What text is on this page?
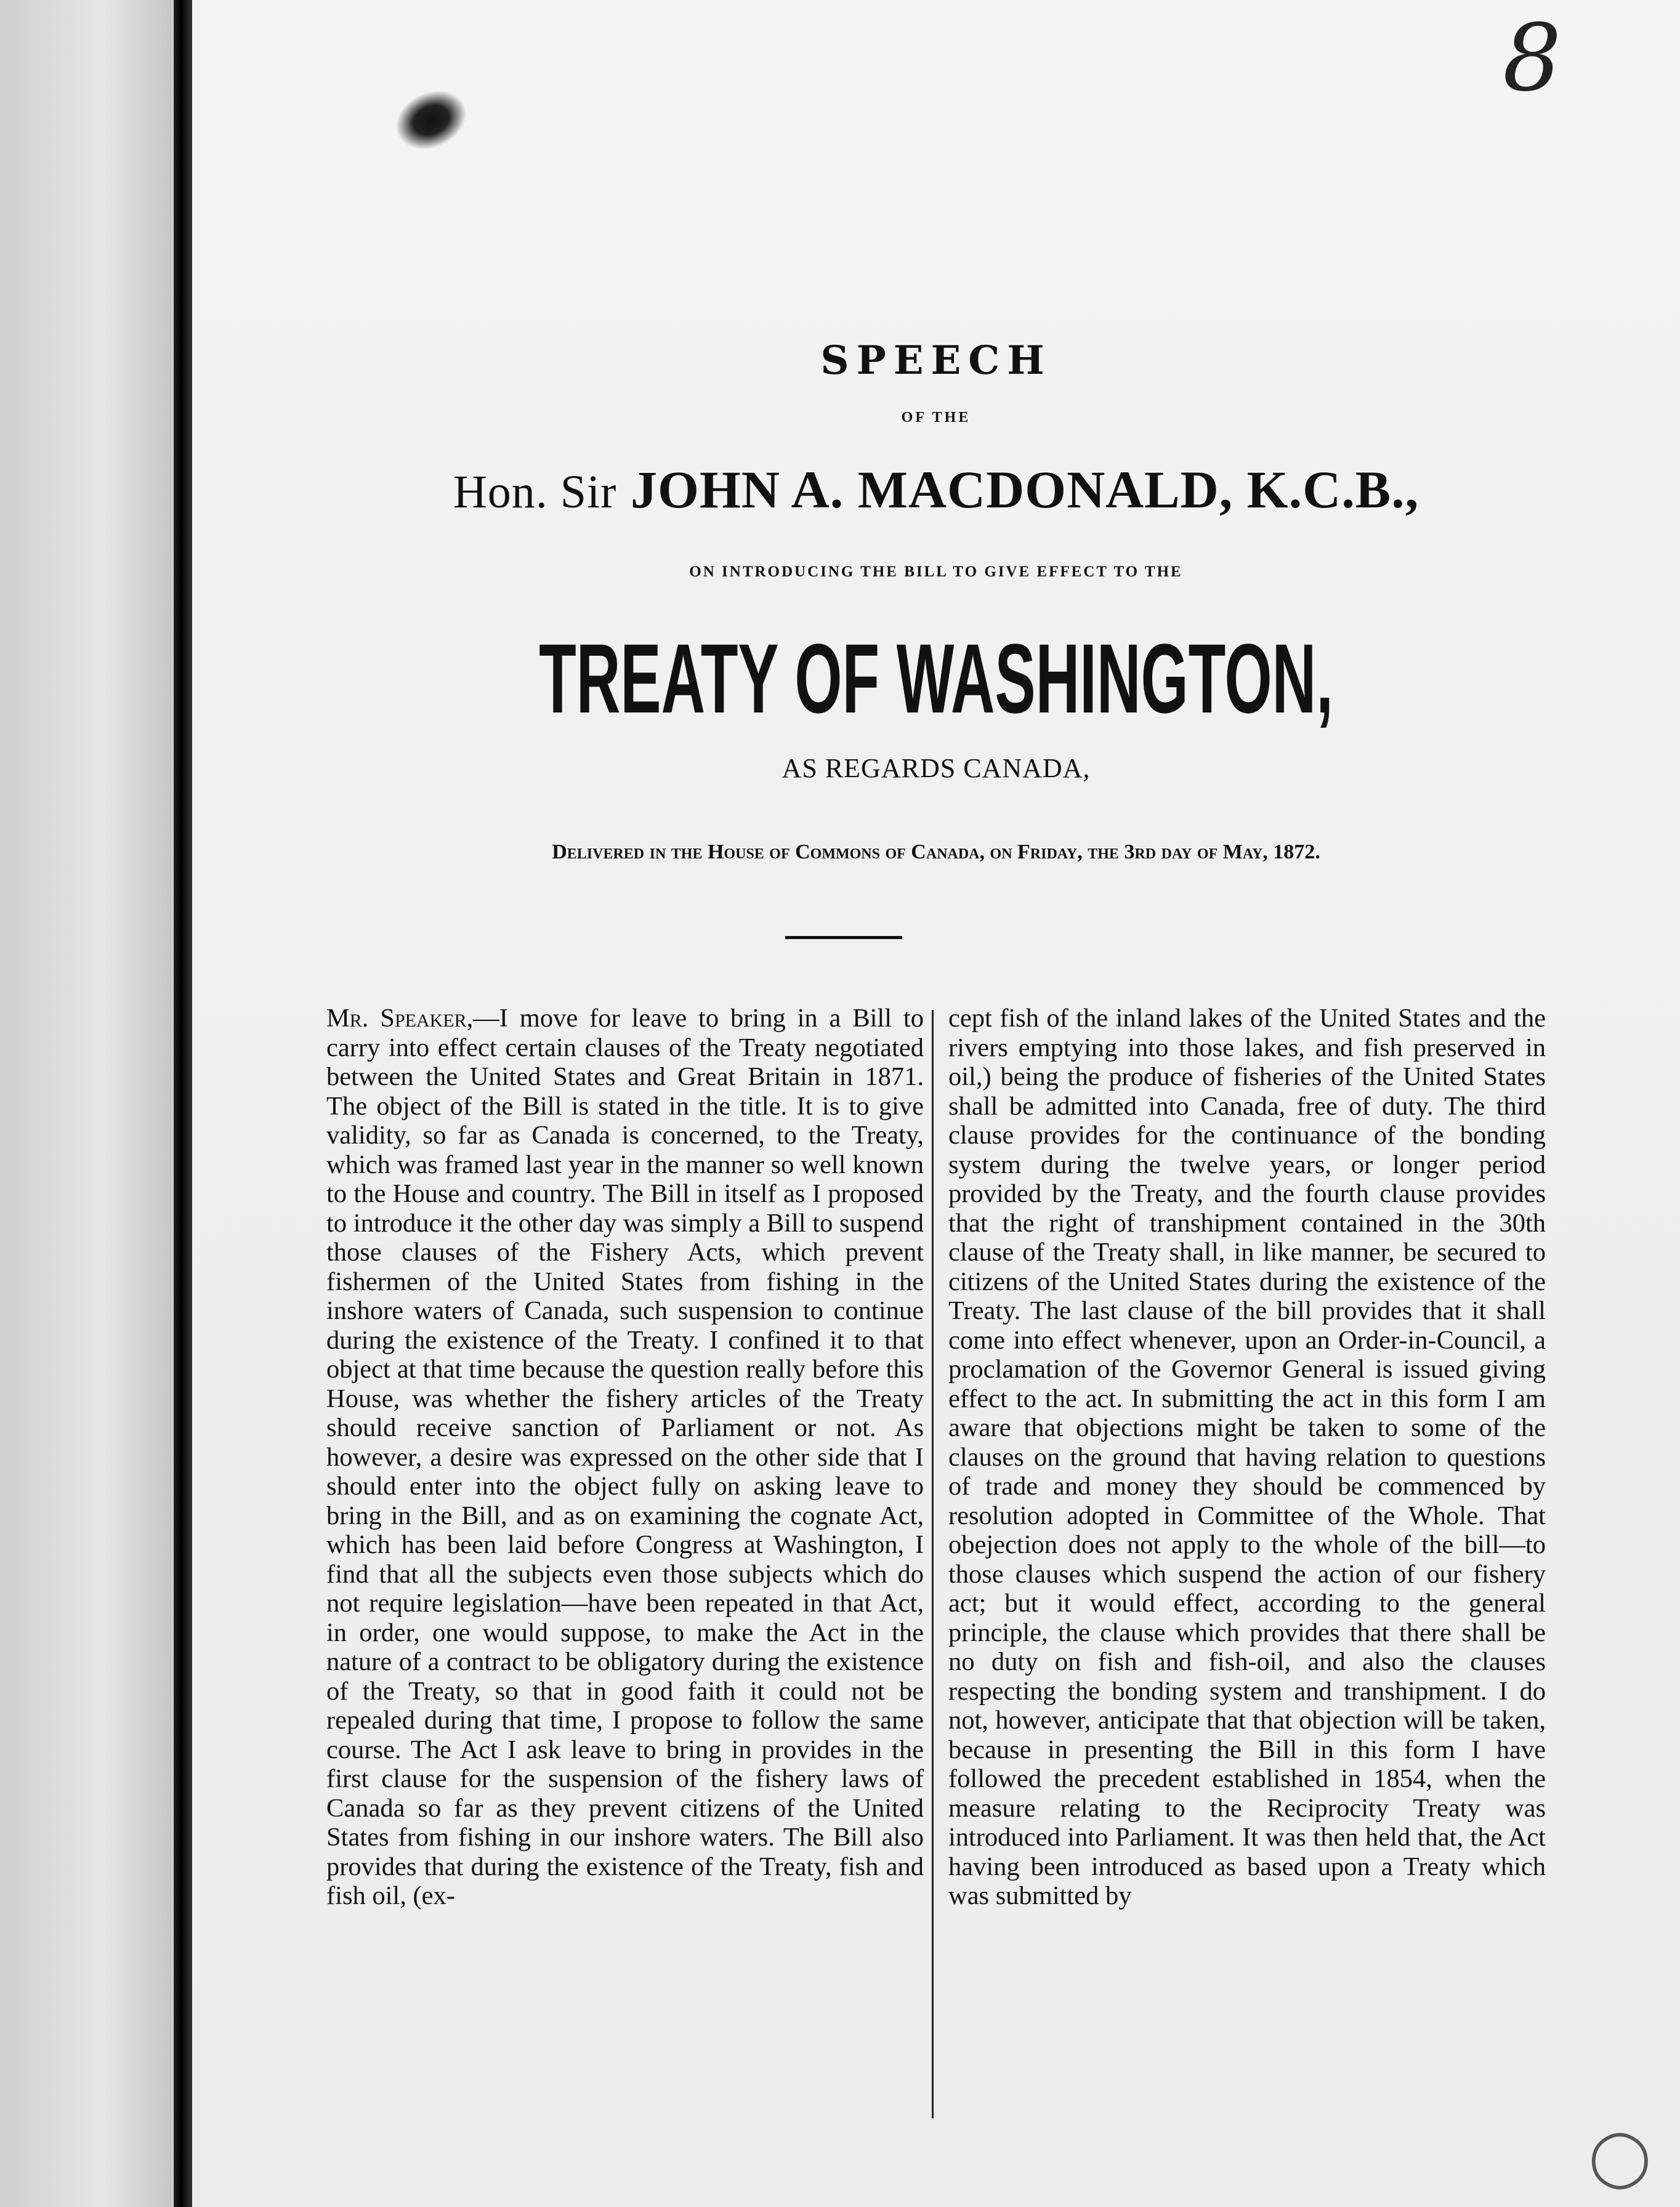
8
◯
SPEECH
OF THE
Hon. Sir JOHN A. MACDONALD, K.C.B.,
ON INTRODUCING THE BILL TO GIVE EFFECT TO THE
TREATY OF WASHINGTON,
AS REGARDS CANADA,
Delivered in the House of Commons of Canada, on Friday, the 3rd day of May, 1872.
Mr. Speaker,—I move for leave to bring in a Bill to carry into effect certain clauses of the Treaty negotiated between the United States and Great Britain in 1871. The object of the Bill is stated in the title. It is to give validity, so far as Canada is concerned, to the Treaty, which was framed last year in the manner so well known to the House and country. The Bill in itself as I proposed to introduce it the other day was simply a Bill to suspend those clauses of the Fishery Acts, which prevent fishermen of the United States from fishing in the inshore waters of Canada, such suspension to continue during the existence of the Treaty. I confined it to that object at that time because the question really before this House, was whether the fishery articles of the Treaty should receive sanction of Parliament or not. As however, a desire was expressed on the other side that I should enter into the object fully on asking leave to bring in the Bill, and as on examining the cognate Act, which has been laid before Congress at Washington, I find that all the subjects even those subjects which do not require legislation—have been repeated in that Act, in order, one would suppose, to make the Act in the nature of a contract to be obligatory during the existence of the Treaty, so that in good faith it could not be repealed during that time, I propose to follow the same course. The Act I ask leave to bring in provides in the first clause for the suspension of the fishery laws of Canada so far as they prevent citizens of the United States from fishing in our inshore waters. The Bill also provides that during the existence of the Treaty, fish and fish oil, (ex-
cept fish of the inland lakes of the United States and the rivers emptying into those lakes, and fish preserved in oil,) being the produce of fisheries of the United States shall be admitted into Canada, free of duty. The third clause provides for the continuance of the bonding system during the twelve years, or longer period provided by the Treaty, and the fourth clause provides that the right of transhipment contained in the 30th clause of the Treaty shall, in like manner, be secured to citizens of the United States during the existence of the Treaty. The last clause of the bill provides that it shall come into effect whenever, upon an Order-in-Council, a proclamation of the Governor General is issued giving effect to the act. In submitting the act in this form I am aware that objections might be taken to some of the clauses on the ground that having relation to questions of trade and money they should be commenced by resolution adopted in Committee of the Whole. That obejection does not apply to the whole of the bill—to those clauses which suspend the action of our fishery act; but it would effect, according to the general principle, the clause which provides that there shall be no duty on fish and fish-oil, and also the clauses respecting the bonding system and transhipment. I do not, however, anticipate that that objection will be taken, because in presenting the Bill in this form I have followed the precedent established in 1854, when the measure relating to the Reciprocity Treaty was introduced into Parliament. It was then held that, the Act having been introduced as based upon a Treaty which was submitted by
